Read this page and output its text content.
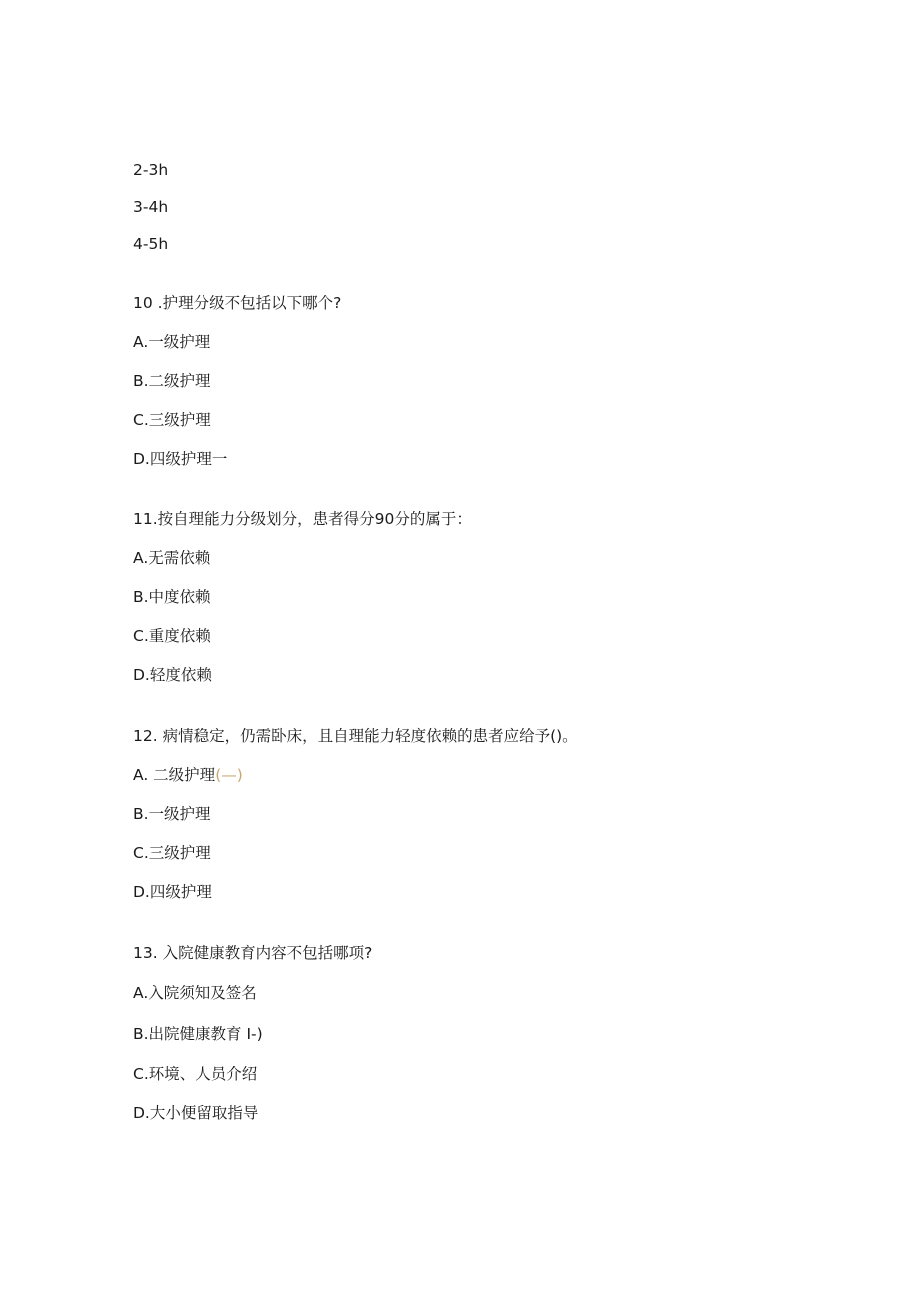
2-3h
3-4h
4-5h
10 .护理分级不包括以下哪个?
A.一级护理
B.二级护理
C.三级护理
D.四级护理一
11.按自理能力分级划分，患者得分90分的属于：
A.无需依赖
B.中度依赖
C.重度依赖
D.轻度依赖
12. 病情稳定，仍需卧床，且自理能力轻度依赖的患者应给予()。
A. 二级护理(—)
B.一级护理
C.三级护理
D.四级护理
13. 入院健康教育内容不包括哪项?
A.入院须知及签名
B.出院健康教育 I-)
C.环境、人员介绍
D.大小便留取指导
